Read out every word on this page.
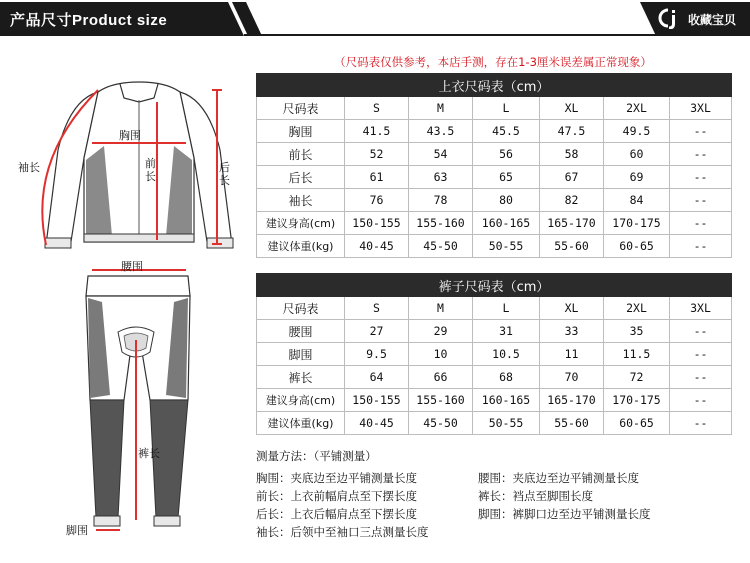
产品尺寸Product size	收藏宝贝
（尺码表仅供参考，本店手测，存在1-3厘米误差属正常现象）
袖长
胸围
前长
后长
腰围
裤长
脚围
上衣尺码表（cm）						
尺码表	S	M	L	XL	2XL	3XL
胸围	41.5	43.5	45.5	47.5	49.5	--
前长	52	54	56	58	60	--
后长	61	63	65	67	69	--
袖长	76	78	80	82	84	--
建议身高(cm)	150-155	155-160	160-165	165-170	170-175	--
建议体重(kg)	40-45	45-50	50-55	55-60	60-65	--
裤子尺码表（cm）						
尺码表	S	M	L	XL	2XL	3XL
腰围	27	29	31	33	35	--
脚围	9.5	10	10.5	11	11.5	--
裤长	64	66	68	70	72	--
建议身高(cm)	150-155	155-160	160-165	165-170	170-175	--
建议体重(kg)	40-45	45-50	50-55	55-60	60-65	--
测量方法：（平铺测量）
胸围：夹底边至边平铺测量长度
前长：上衣前幅肩点至下摆长度
后长：上衣后幅肩点至下摆长度
袖长：后领中至袖口三点测量长度
腰围：夹底边至边平铺测量长度
裤长：裆点至脚围长度
脚围：裤脚口边至边平铺测量长度
